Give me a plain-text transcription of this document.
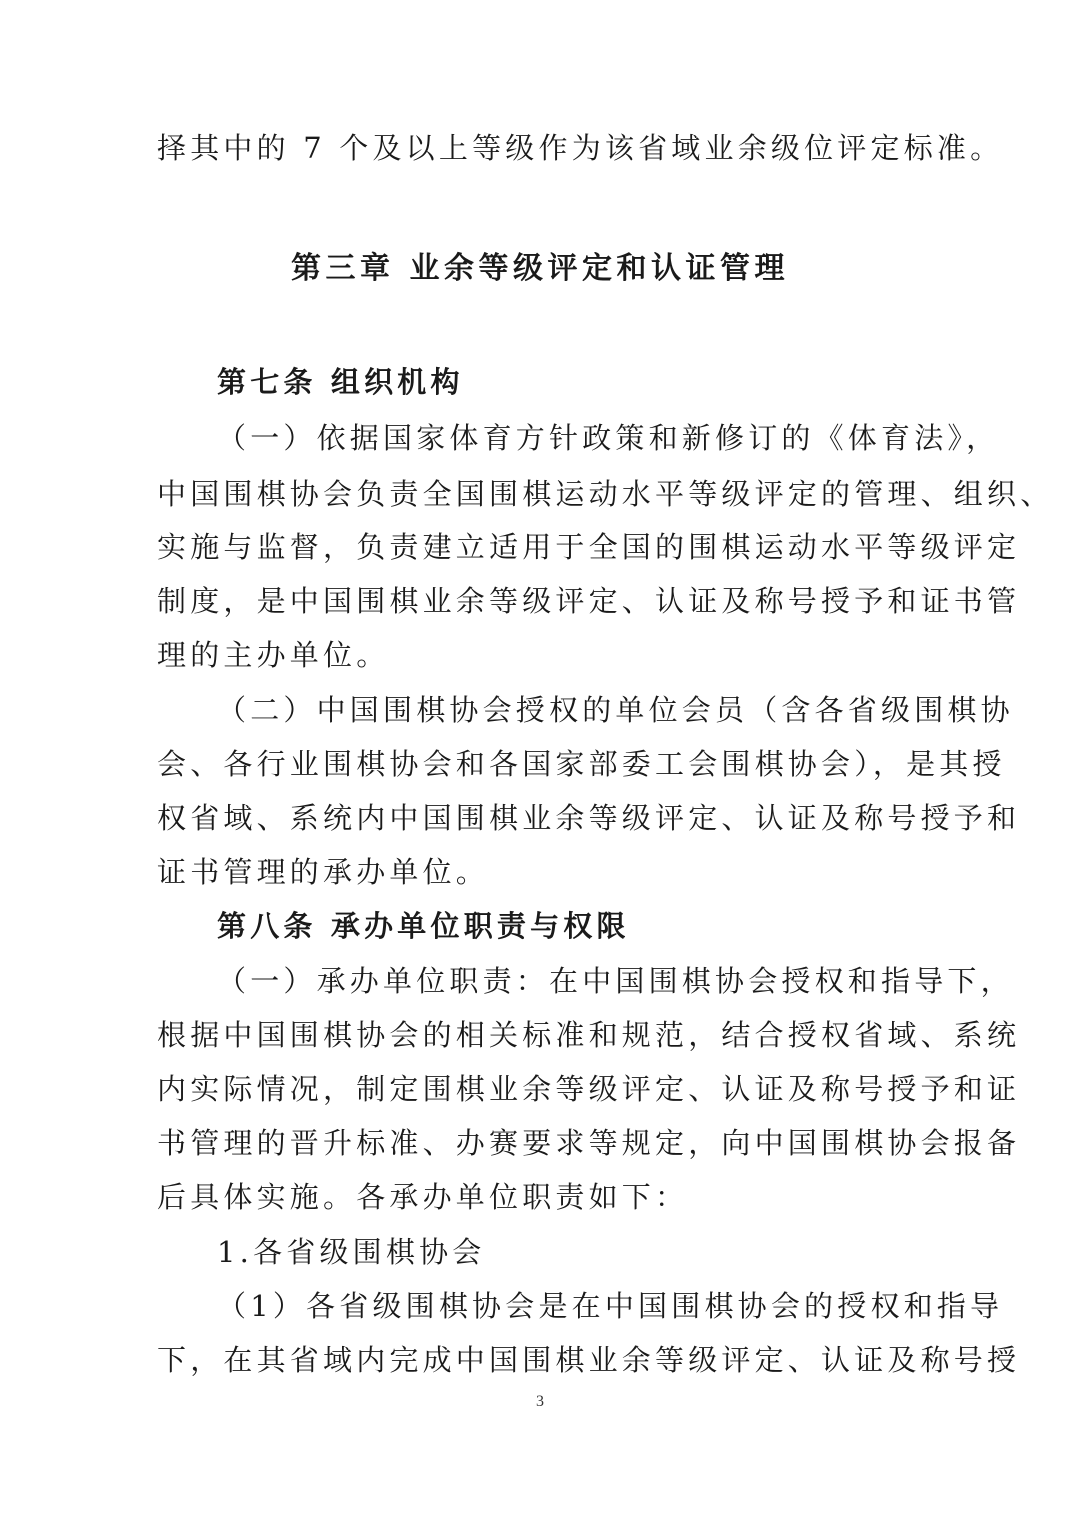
择其中的 7 个及以上等级作为该省域业余级位评定标准。
第三章 业余等级评定和认证管理
第七条 组织机构
（一）依据国家体育方针政策和新修订的《体育法》，
中国围棋协会负责全国围棋运动水平等级评定的管理、组织、
实施与监督，负责建立适用于全国的围棋运动水平等级评定
制度，是中国围棋业余等级评定、认证及称号授予和证书管
理的主办单位。
（二）中国围棋协会授权的单位会员（含各省级围棋协
会、各行业围棋协会和各国家部委工会围棋协会），是其授
权省域、系统内中国围棋业余等级评定、认证及称号授予和
证书管理的承办单位。
第八条 承办单位职责与权限
（一）承办单位职责：在中国围棋协会授权和指导下，
根据中国围棋协会的相关标准和规范，结合授权省域、系统
内实际情况，制定围棋业余等级评定、认证及称号授予和证
书管理的晋升标准、办赛要求等规定，向中国围棋协会报备
后具体实施。各承办单位职责如下：
1.各省级围棋协会
（1）各省级围棋协会是在中国围棋协会的授权和指导
下，在其省域内完成中国围棋业余等级评定、认证及称号授
3
